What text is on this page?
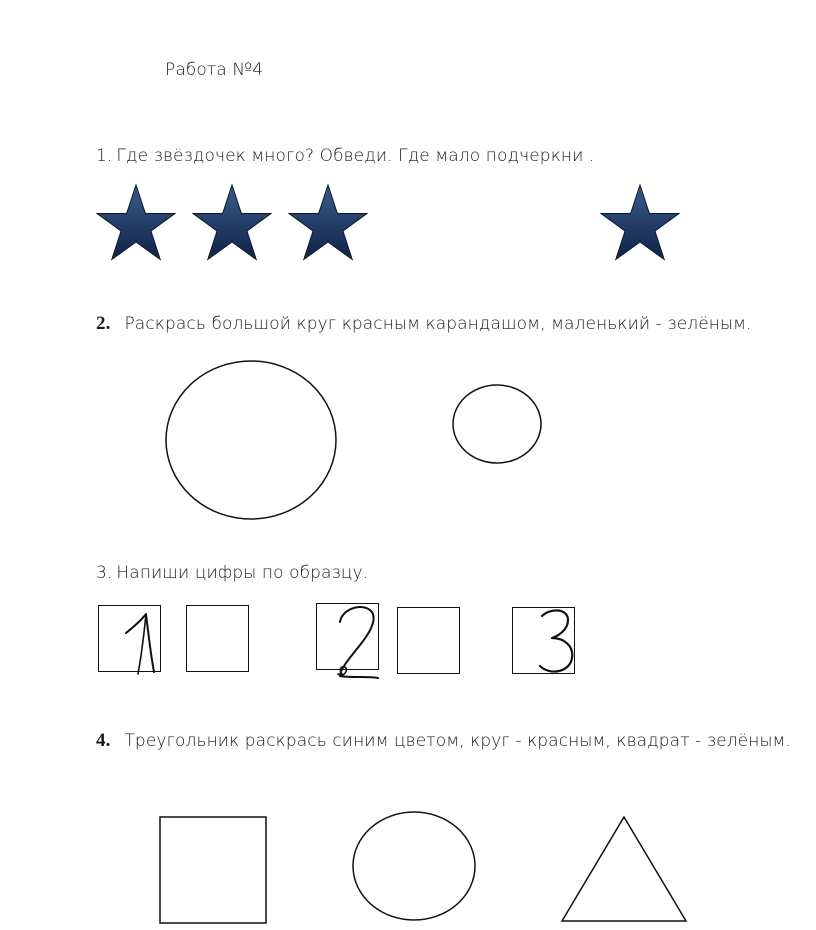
Работа №4
1. Где звёздочек много? Обведи. Где мало подчеркни .
2. Раскрась большой круг красным карандашом, маленький - зелёным.
3. Напиши цифры по образцу.
4. Треугольник раскрась синим цветом, круг - красным, квадрат - зелёным.
